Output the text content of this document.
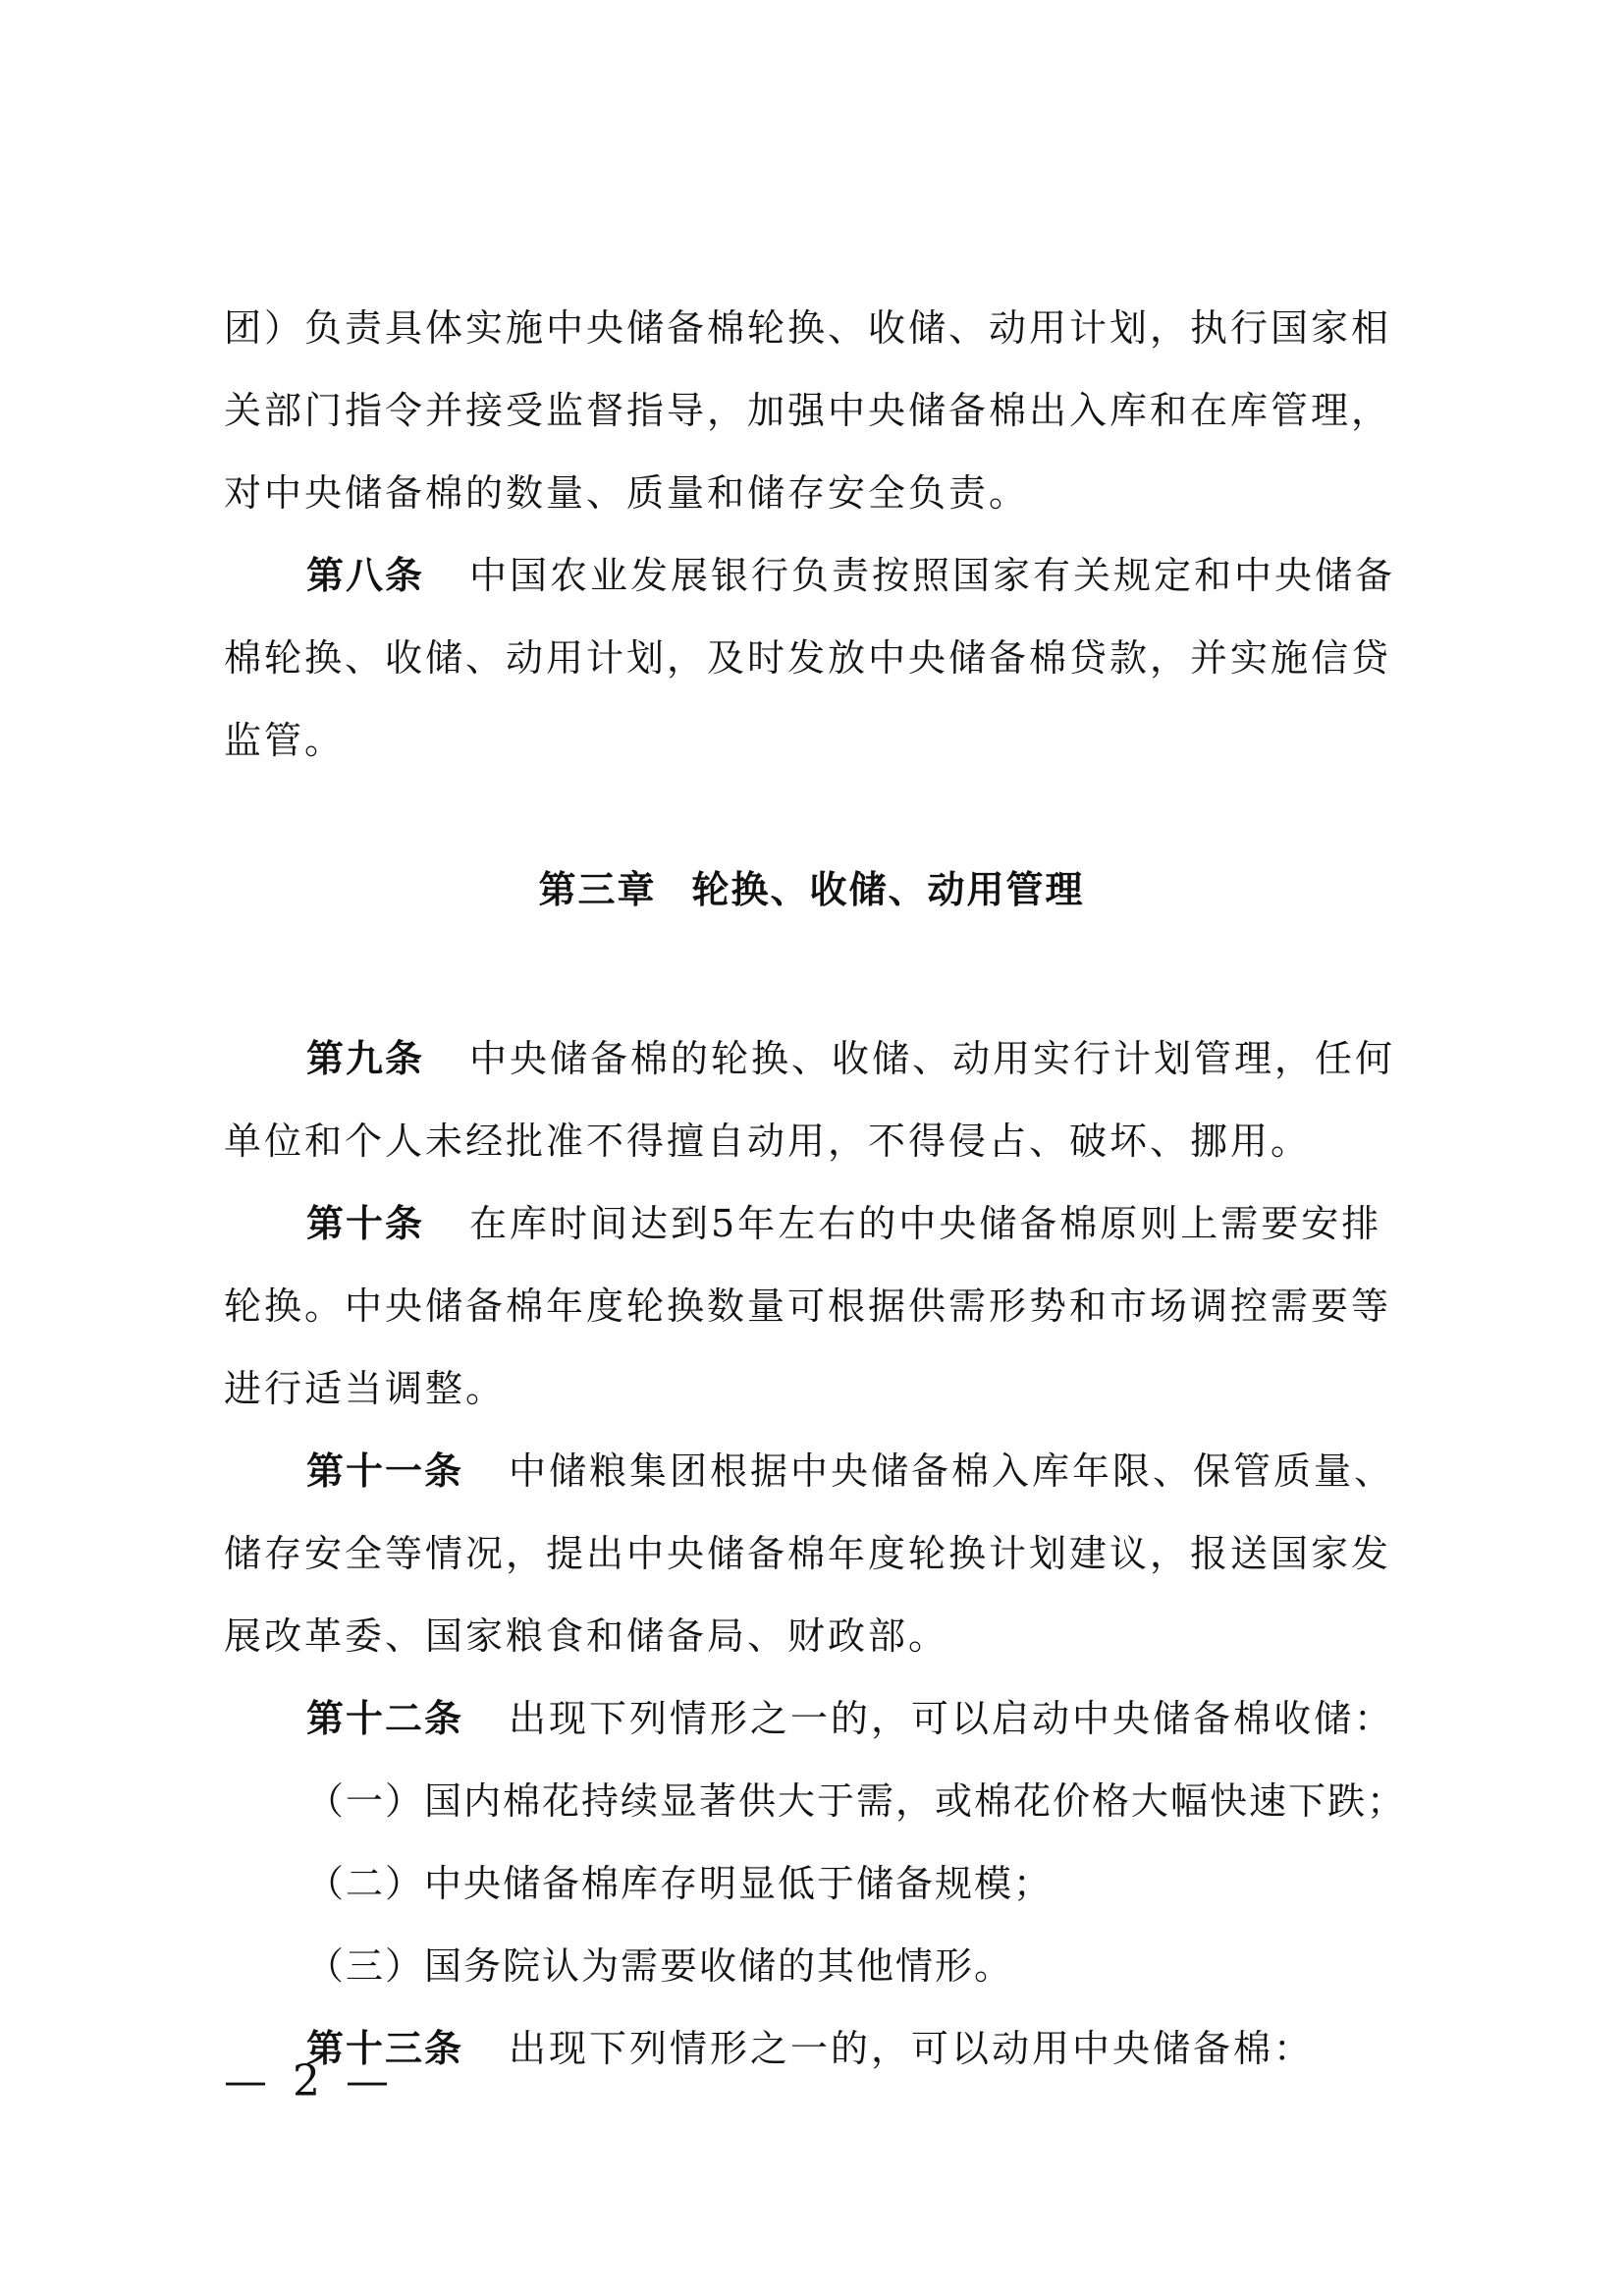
团）负责具体实施中央储备棉轮换、收储、动用计划，执行国家相关部门指令并接受监督指导，加强中央储备棉出入库和在库管理，对中央储备棉的数量、质量和储存安全负责。
第八条 中国农业发展银行负责按照国家有关规定和中央储备棉轮换、收储、动用计划，及时发放中央储备棉贷款，并实施信贷监管。
第三章 轮换、收储、动用管理
第九条 中央储备棉的轮换、收储、动用实行计划管理，任何单位和个人未经批准不得擅自动用，不得侵占、破坏、挪用。
第十条 在库时间达到5年左右的中央储备棉原则上需要安排轮换。中央储备棉年度轮换数量可根据供需形势和市场调控需要等进行适当调整。
第十一条 中储粮集团根据中央储备棉入库年限、保管质量、储存安全等情况，提出中央储备棉年度轮换计划建议，报送国家发展改革委、国家粮食和储备局、财政部。
第十二条 出现下列情形之一的，可以启动中央储备棉收储：
（一）国内棉花持续显著供大于需，或棉花价格大幅快速下跌；
（二）中央储备棉库存明显低于储备规模；
（三）国务院认为需要收储的其他情形。
第十三条 出现下列情形之一的，可以动用中央储备棉：
— 2 —
